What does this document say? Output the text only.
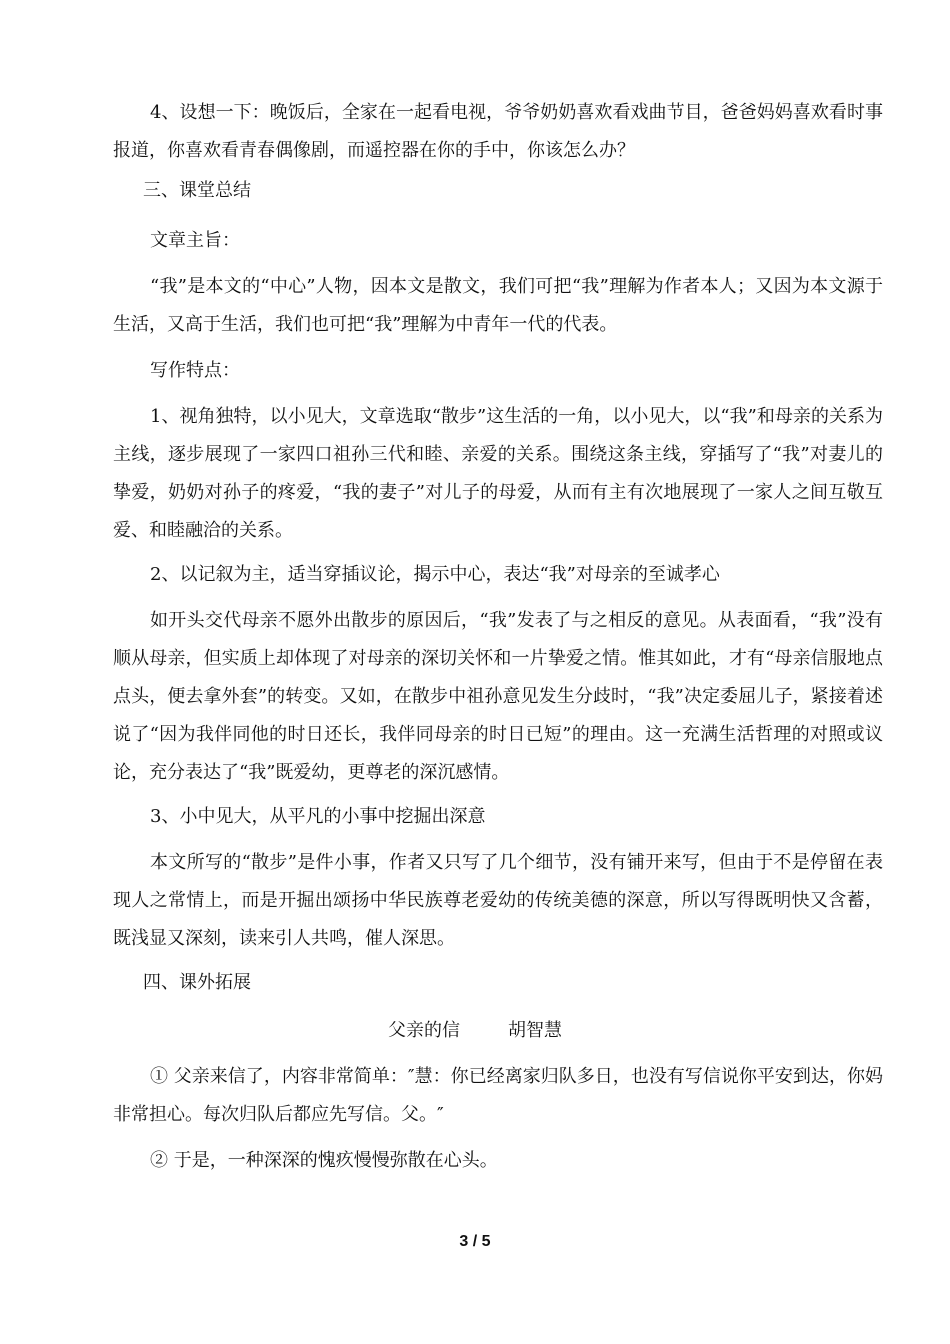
4、设想一下：晚饭后，全家在一起看电视，爷爷奶奶喜欢看戏曲节目，爸爸妈妈喜欢看时事报道，你喜欢看青春偶像剧，而遥控器在你的手中，你该怎么办？

三、课堂总结

文章主旨：

“我”是本文的“中心”人物，因本文是散文，我们可把“我”理解为作者本人；又因为本文源于生活，又高于生活，我们也可把“我”理解为中青年一代的代表。

写作特点：

1、视角独特，以小见大，文章选取“散步”这生活的一角，以小见大，以“我”和母亲的关系为主线，逐步展现了一家四口祖孙三代和睦、亲爱的关系。围绕这条主线，穿插写了“我”对妻儿的挚爱，奶奶对孙子的疼爱，“我的妻子”对儿子的母爱，从而有主有次地展现了一家人之间互敬互爱、和睦融洽的关系。

2、以记叙为主，适当穿插议论，揭示中心，表达“我”对母亲的至诚孝心

如开头交代母亲不愿外出散步的原因后，“我”发表了与之相反的意见。从表面看，“我”没有顺从母亲，但实质上却体现了对母亲的深切关怀和一片挚爱之情。惟其如此，才有“母亲信服地点点头，便去拿外套”的转变。又如，在散步中祖孙意见发生分歧时，“我”决定委屈儿子，紧接着述说了“因为我伴同他的时日还长，我伴同母亲的时日已短”的理由。这一充满生活哲理的对照或议论，充分表达了“我”既爱幼，更尊老的深沉感情。

3、小中见大，从平凡的小事中挖掘出深意

本文所写的“散步”是件小事，作者又只写了几个细节，没有铺开来写，但由于不是停留在表现人之常情上，而是开掘出颂扬中华民族尊老爱幼的传统美德的深意，所以写得既明快又含蓄，既浅显又深刻，读来引人共鸣，催人深思。

四、课外拓展

父亲的信	胡智慧

① 父亲来信了，内容非常简单：″慧：你已经离家归队多日，也没有写信说你平安到达，你妈非常担心。每次归队后都应先写信。父。″

② 于是，一种深深的愧疚慢慢弥散在心头。

3 / 5
